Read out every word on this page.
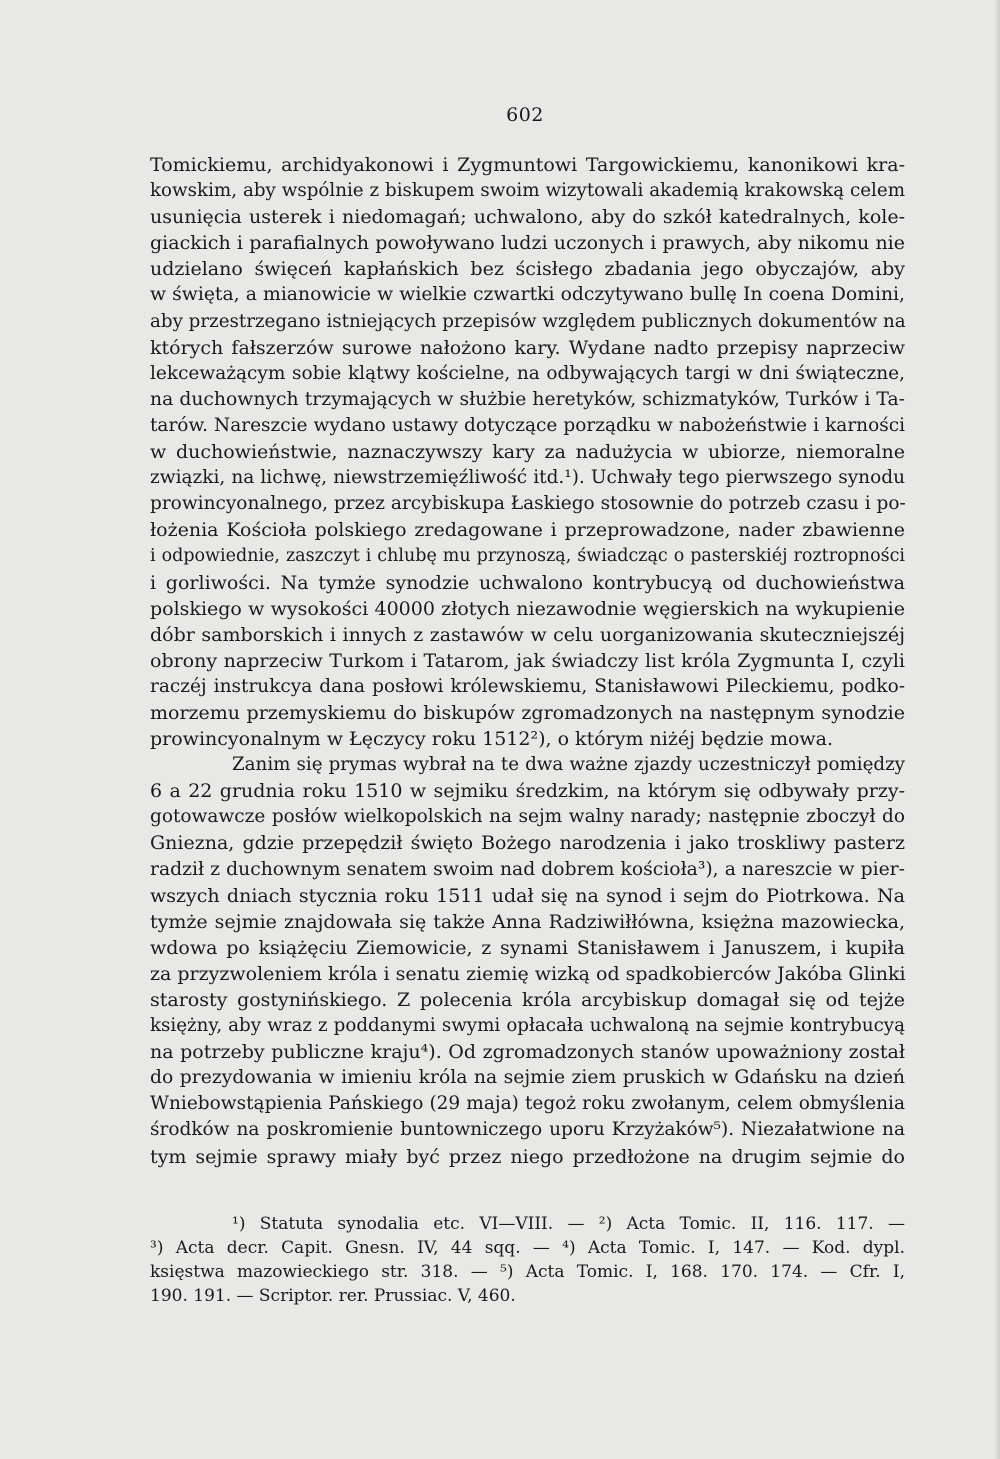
602
Tomickiemu, archidyakonowi i Zygmuntowi Targowickiemu, kanonikowi kra-
kowskim, aby wspólnie z biskupem swoim wizytowali akademią krakowską celem
usunięcia usterek i niedomagań; uchwalono, aby do szkół katedralnych, kole-
giackich i parafialnych powoływano ludzi uczonych i prawych, aby nikomu nie
udzielano święceń kapłańskich bez ścisłego zbadania jego obyczajów, aby
w święta, a mianowicie w wielkie czwartki odczytywano bullę In coena Domini,
aby przestrzegano istniejących przepisów względem publicznych dokumentów na
których fałszerzów surowe nałożono kary. Wydane nadto przepisy naprzeciw
lekceważącym sobie klątwy kościelne, na odbywających targi w dni świąteczne,
na duchownych trzymających w służbie heretyków, schizmatyków, Turków i Ta-
tarów. Nareszcie wydano ustawy dotyczące porządku w nabożeństwie i karności
w duchowieństwie, naznaczywszy kary za nadużycia w ubiorze, niemoralne
związki, na lichwę, niewstrzemięźliwość itd.¹). Uchwały tego pierwszego synodu
prowincyonalnego, przez arcybiskupa Łaskiego stosownie do potrzeb czasu i po-
łożenia Kościoła polskiego zredagowane i przeprowadzone, nader zbawienne
i odpowiednie, zaszczyt i chlubę mu przynoszą, świadcząc o pasterskiéj roztropności
i gorliwości. Na tymże synodzie uchwalono kontrybucyą od duchowieństwa
polskiego w wysokości 40000 złotych niezawodnie węgierskich na wykupienie
dóbr samborskich i innych z zastawów w celu uorganizowania skuteczniejszéj
obrony naprzeciw Turkom i Tatarom, jak świadczy list króla Zygmunta I, czyli
raczéj instrukcya dana posłowi królewskiemu, Stanisławowi Pileckiemu, podko-
morzemu przemyskiemu do biskupów zgromadzonych na następnym synodzie
prowincyonalnym w Łęczycy roku 1512²), o którym niżéj będzie mowa.
Zanim się prymas wybrał na te dwa ważne zjazdy uczestniczył pomiędzy
6 a 22 grudnia roku 1510 w sejmiku średzkim, na którym się odbywały przy-
gotowawcze posłów wielkopolskich na sejm walny narady; następnie zboczył do
Gniezna, gdzie przepędził święto Bożego narodzenia i jako troskliwy pasterz
radził z duchownym senatem swoim nad dobrem kościoła³), a nareszcie w pier-
wszych dniach stycznia roku 1511 udał się na synod i sejm do Piotrkowa. Na
tymże sejmie znajdowała się także Anna Radziwiłłówna, księżna mazowiecka,
wdowa po książęciu Ziemowicie, z synami Stanisławem i Januszem, i kupiła
za przyzwoleniem króla i senatu ziemię wizką od spadkobierców Jakóba Glinki
starosty gostynińskiego. Z polecenia króla arcybiskup domagał się od tejże
księżny, aby wraz z poddanymi swymi opłacała uchwaloną na sejmie kontrybucyą
na potrzeby publiczne kraju⁴). Od zgromadzonych stanów upoważniony został
do prezydowania w imieniu króla na sejmie ziem pruskich w Gdańsku na dzień
Wniebowstąpienia Pańskiego (29 maja) tegoż roku zwołanym, celem obmyślenia
środków na poskromienie buntowniczego uporu Krzyżaków⁵). Niezałatwione na
tym sejmie sprawy miały być przez niego przedłożone na drugim sejmie do
¹) Statuta synodalia etc. VI—VIII. — ²) Acta Tomic. II, 116. 117. —
³) Acta decr. Capit. Gnesn. IV, 44 sqq. — ⁴) Acta Tomic. I, 147. — Kod. dypl.
księstwa mazowieckiego str. 318. — ⁵) Acta Tomic. I, 168. 170. 174. — Cfr. I,
190. 191. — Scriptor. rer. Prussiac. V, 460.
